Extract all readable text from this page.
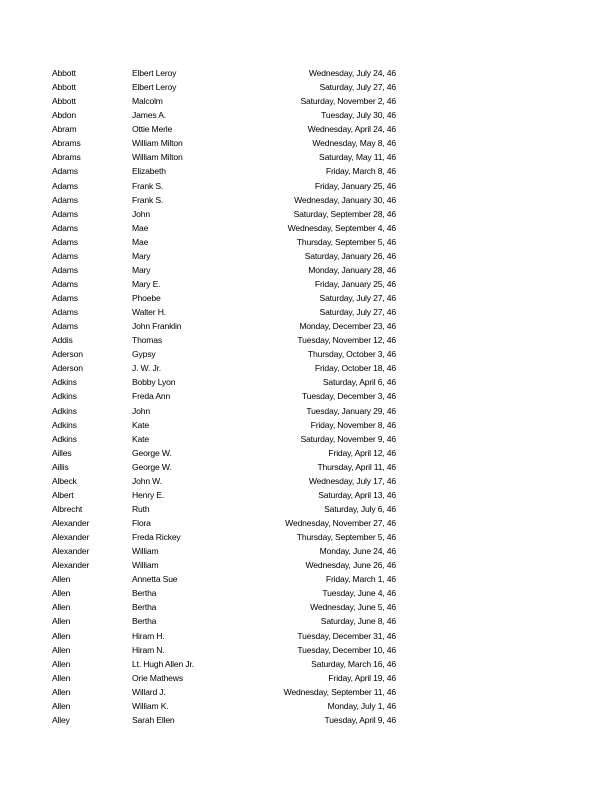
Abbott	Elbert Leroy	Wednesday, July 24, 46
Abbott	Elbert Leroy	Saturday, July 27, 46
Abbott	Malcolm	Saturday, November 2, 46
Abdon	James A.	Tuesday, July 30, 46
Abram	Ottie Merle	Wednesday, April 24, 46
Abrams	William Milton	Wednesday, May 8, 46
Abrams	William Milton	Saturday, May 11, 46
Adams	Elizabeth	Friday, March 8, 46
Adams	Frank S.	Friday, January 25, 46
Adams	Frank S.	Wednesday, January 30, 46
Adams	John	Saturday, September 28, 46
Adams	Mae	Wednesday, September 4, 46
Adams	Mae	Thursday, September 5, 46
Adams	Mary	Saturday, January 26, 46
Adams	Mary	Monday, January 28, 46
Adams	Mary E.	Friday, January 25, 46
Adams	Phoebe	Saturday, July 27, 46
Adams	Walter H.	Saturday, July 27, 46
Adams	John Franklin	Monday, December 23, 46
Addis	Thomas	Tuesday, November 12, 46
Aderson	Gypsy	Thursday, October 3, 46
Aderson	J. W. Jr.	Friday, October 18, 46
Adkins	Bobby Lyon	Saturday, April 6, 46
Adkins	Freda Ann	Tuesday, December 3, 46
Adkins	John	Tuesday, January 29, 46
Adkins	Kate	Friday, November 8, 46
Adkins	Kate	Saturday, November 9, 46
Ailles	George W.	Friday, April 12, 46
Aillis	George W.	Thursday, April 11, 46
Albeck	John W.	Wednesday, July 17, 46
Albert	Henry E.	Saturday, April 13, 46
Albrecht	Ruth	Saturday, July 6, 46
Alexander	Flora	Wednesday, November 27, 46
Alexander	Freda Rickey	Thursday, September 5, 46
Alexander	William	Monday, June 24, 46
Alexander	William	Wednesday, June 26, 46
Allen	Annetta Sue	Friday, March 1, 46
Allen	Bertha	Tuesday, June 4, 46
Allen	Bertha	Wednesday, June 5, 46
Allen	Bertha	Saturday, June 8, 46
Allen	Hiram H.	Tuesday, December 31, 46
Allen	Hiram N.	Tuesday, December 10, 46
Allen	Lt. Hugh Allen Jr.	Saturday, March 16, 46
Allen	Orie Mathews	Friday, April 19, 46
Allen	Willard J.	Wednesday, September 11, 46
Allen	William K.	Monday, July 1, 46
Alley	Sarah Ellen	Tuesday, April 9, 46
